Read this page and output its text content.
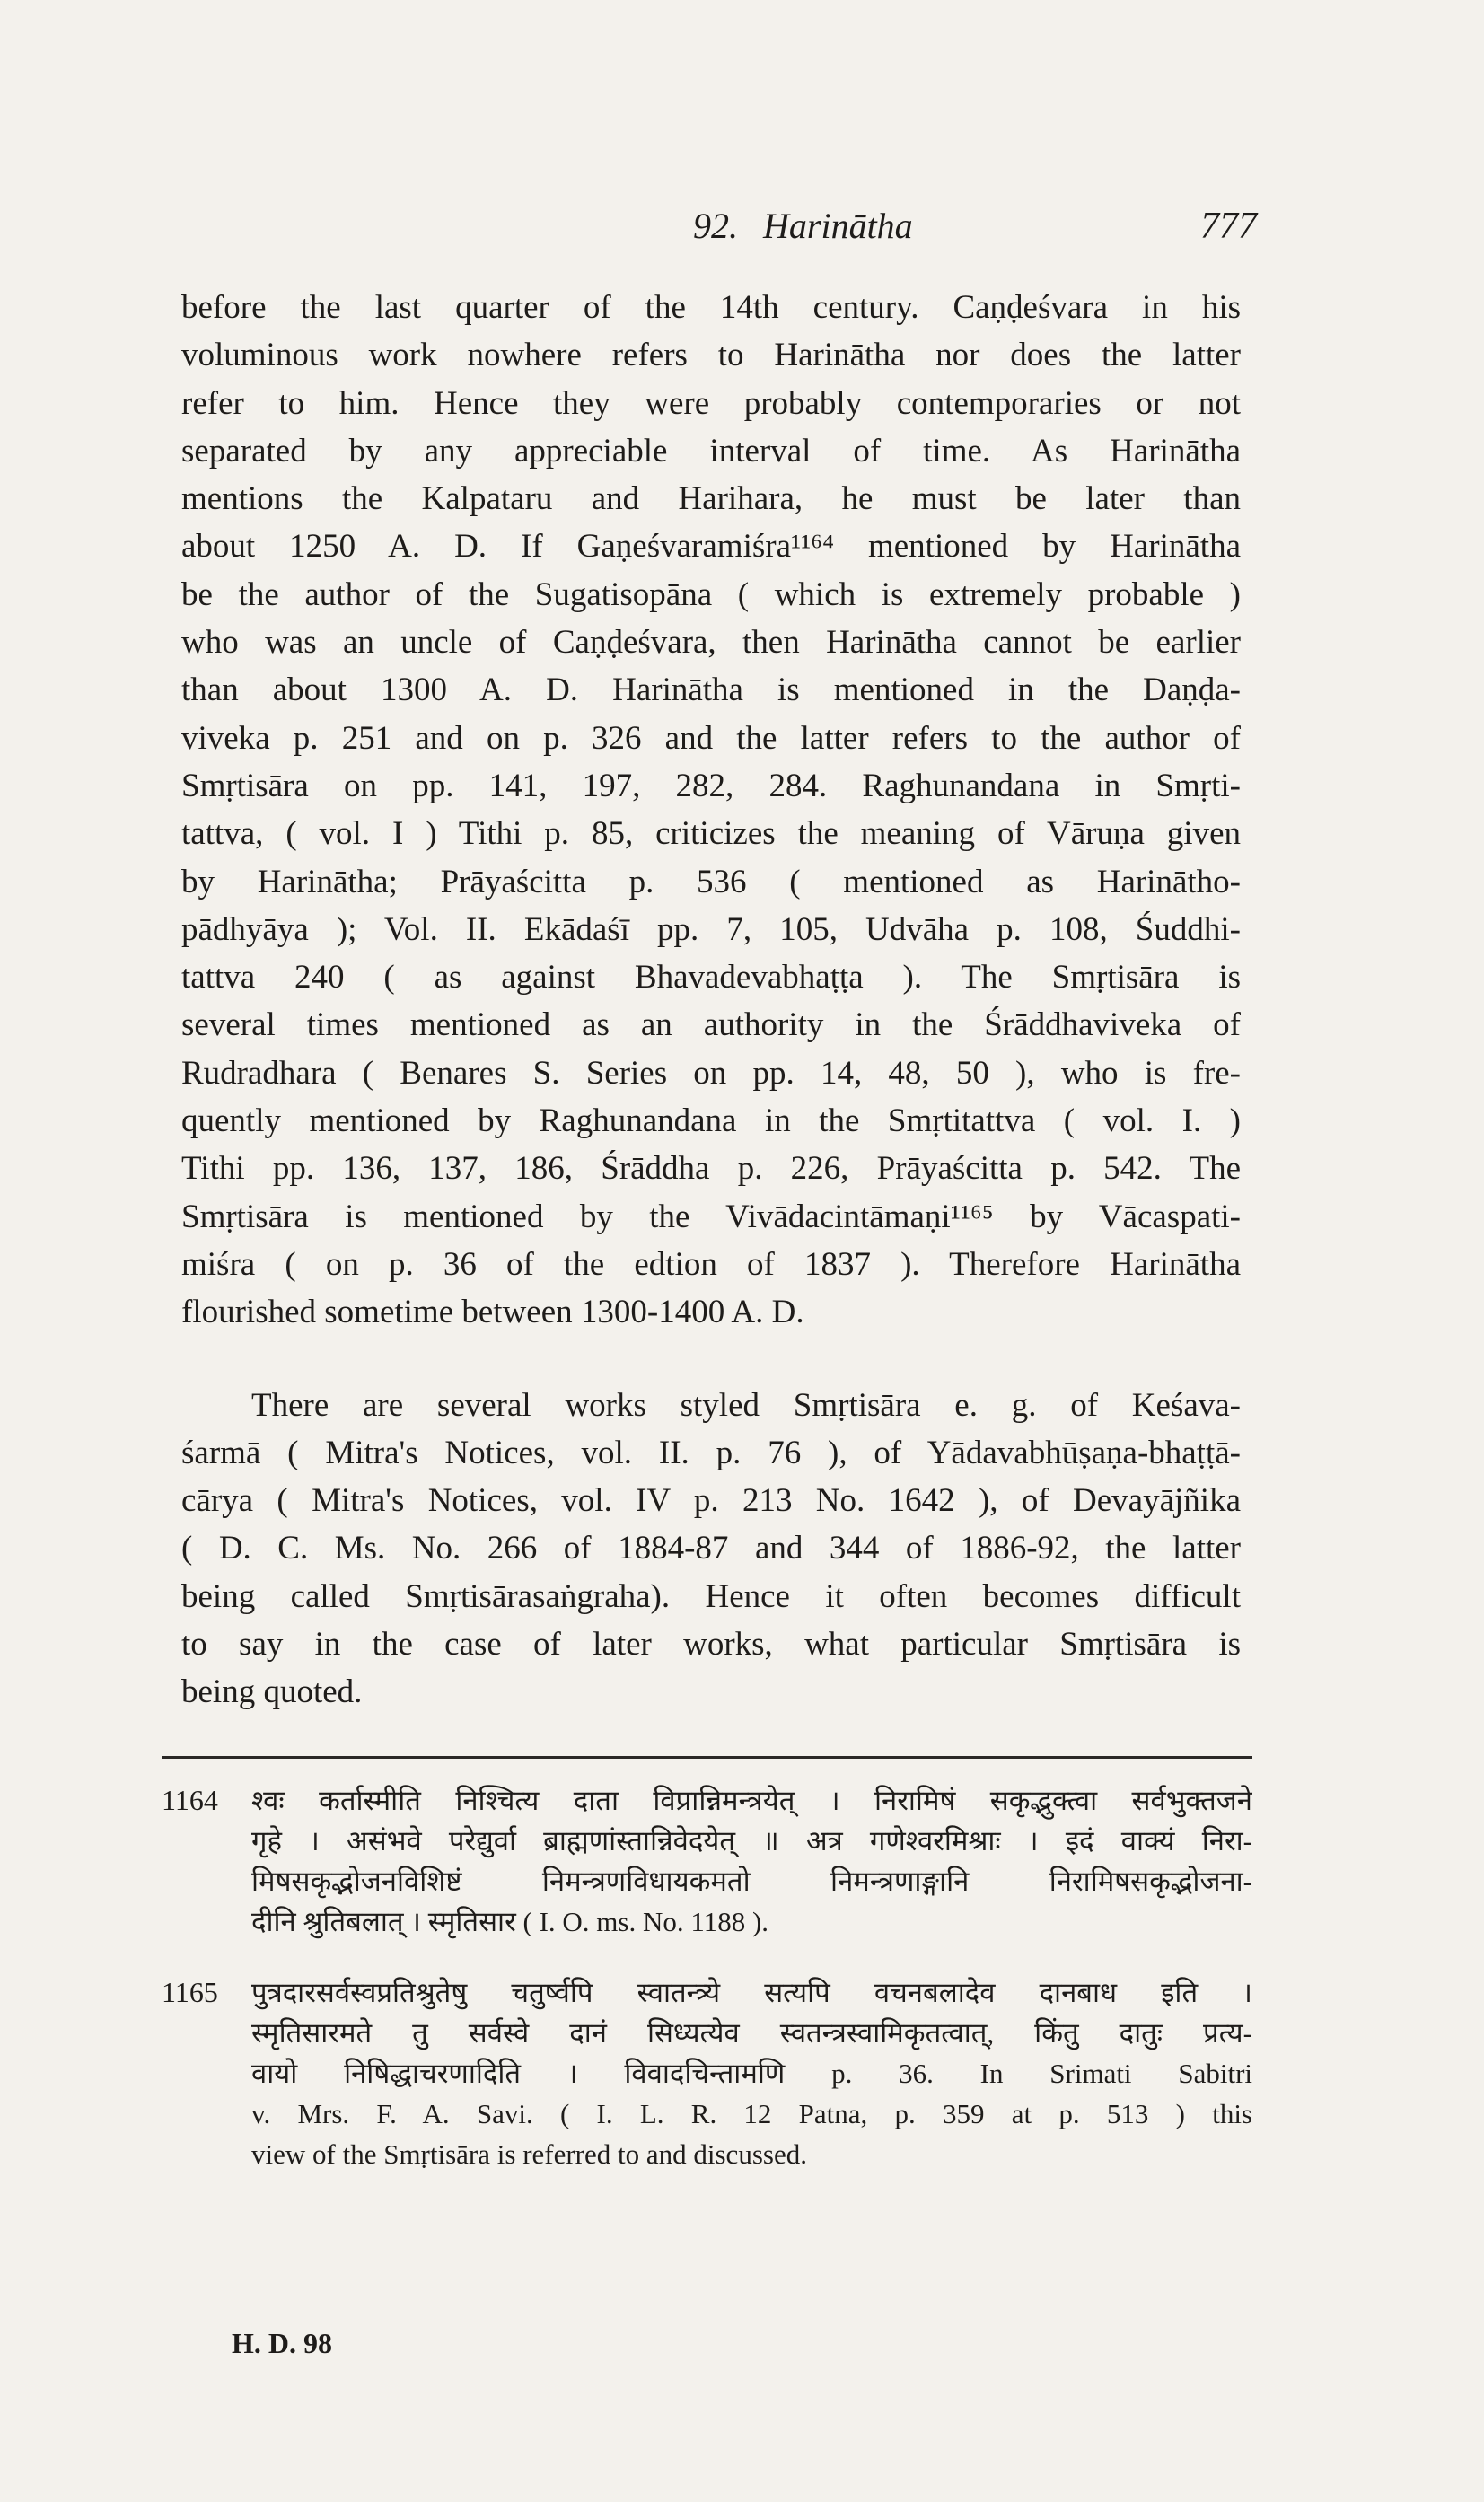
92. Harinātha	777

before the last quarter of the 14th century. Caṇḍeśvara in his
voluminous work nowhere refers to Harinātha nor does the latter
refer to him. Hence they were probably contemporaries or not
separated by any appreciable interval of time. As Harinātha
mentions the Kalpataru and Harihara, he must be later than
about 1250 A. D. If Gaṇeśvaramiśra¹¹⁶⁴ mentioned by Harinātha
be the author of the Sugatisopāna ( which is extremely probable )
who was an uncle of Caṇḍeśvara, then Harinātha cannot be earlier
than about 1300 A. D. Harinātha is mentioned in the Daṇḍa-
viveka p. 251 and on p. 326 and the latter refers to the author of
Smṛtisāra on pp. 141, 197, 282, 284. Raghunandana in Smṛti-
tattva, ( vol. I ) Tithi p. 85, criticizes the meaning of Vāruṇa given
by Harinātha; Prāyaścitta p. 536 ( mentioned as Harinātho-
pādhyāya ); Vol. II. Ekādaśī pp. 7, 105, Udvāha p. 108, Śuddhi-
tattva 240 ( as against Bhavadevabhaṭṭa ). The Smṛtisāra is
several times mentioned as an authority in the Śrāddhaviveka of
Rudradhara ( Benares S. Series on pp. 14, 48, 50 ), who is fre-
quently mentioned by Raghunandana in the Smṛtitattva ( vol. I. )
Tithi pp. 136, 137, 186, Śrāddha p. 226, Prāyaścitta p. 542. The
Smṛtisāra is mentioned by the Vivādacintāmaṇi¹¹⁶⁵ by Vācaspati-
miśra ( on p. 36 of the edtion of 1837 ). Therefore Harinātha
flourished sometime between 1300-1400 A. D.

There are several works styled Smṛtisāra e. g. of Keśava-
śarmā ( Mitra's Notices, vol. II. p. 76 ), of Yādavabhūṣaṇa-bhaṭṭā-
cārya ( Mitra's Notices, vol. IV p. 213 No. 1642 ), of Devayājñika
( D. C. Ms. No. 266 of 1884-87 and 344 of 1886-92, the latter
being called Smṛtisārasaṅgraha). Hence it often becomes difficult
to say in the case of later works, what particular Smṛtisāra is
being quoted.

1164 श्वः कर्तास्मीति निश्चित्य दाता विप्रान्निमन्त्रयेत् । निरामिषं सकृद्भुक्त्वा सर्वभुक्तजने
गृहे । असंभवे परेद्युर्वा ब्राह्मणांस्तान्निवेदयेत् ॥ अत्र गणेश्वरमिश्राः । इदं वाक्यं निरा-
मिषसकृद्भोजनविशिष्टं निमन्त्रणविधायकमतो निमन्त्रणाङ्गानि निरामिषसकृद्भोजना-
दीनि श्रुतिबलात् । स्मृतिसार ( I. O. ms. No. 1188 ).
1165 पुत्रदारसर्वस्वप्रतिश्रुतेषु चतुर्ष्वपि स्वातन्त्र्ये सत्यपि वचनबलादेव दानबाध इति ।
स्मृतिसारमते तु सर्वस्वे दानं सिध्यत्येव स्वतन्त्रस्वामिकृतत्वात्, किंतु दातुः प्रत्य-
वायो निषिद्धाचरणादिति । विवादचिन्तामणि p. 36. In Srimati Sabitri
v. Mrs. F. A. Savi. ( I. L. R. 12 Patna, p. 359 at p. 513 ) this
view of the Smṛtisāra is referred to and discussed.
H. D. 98
